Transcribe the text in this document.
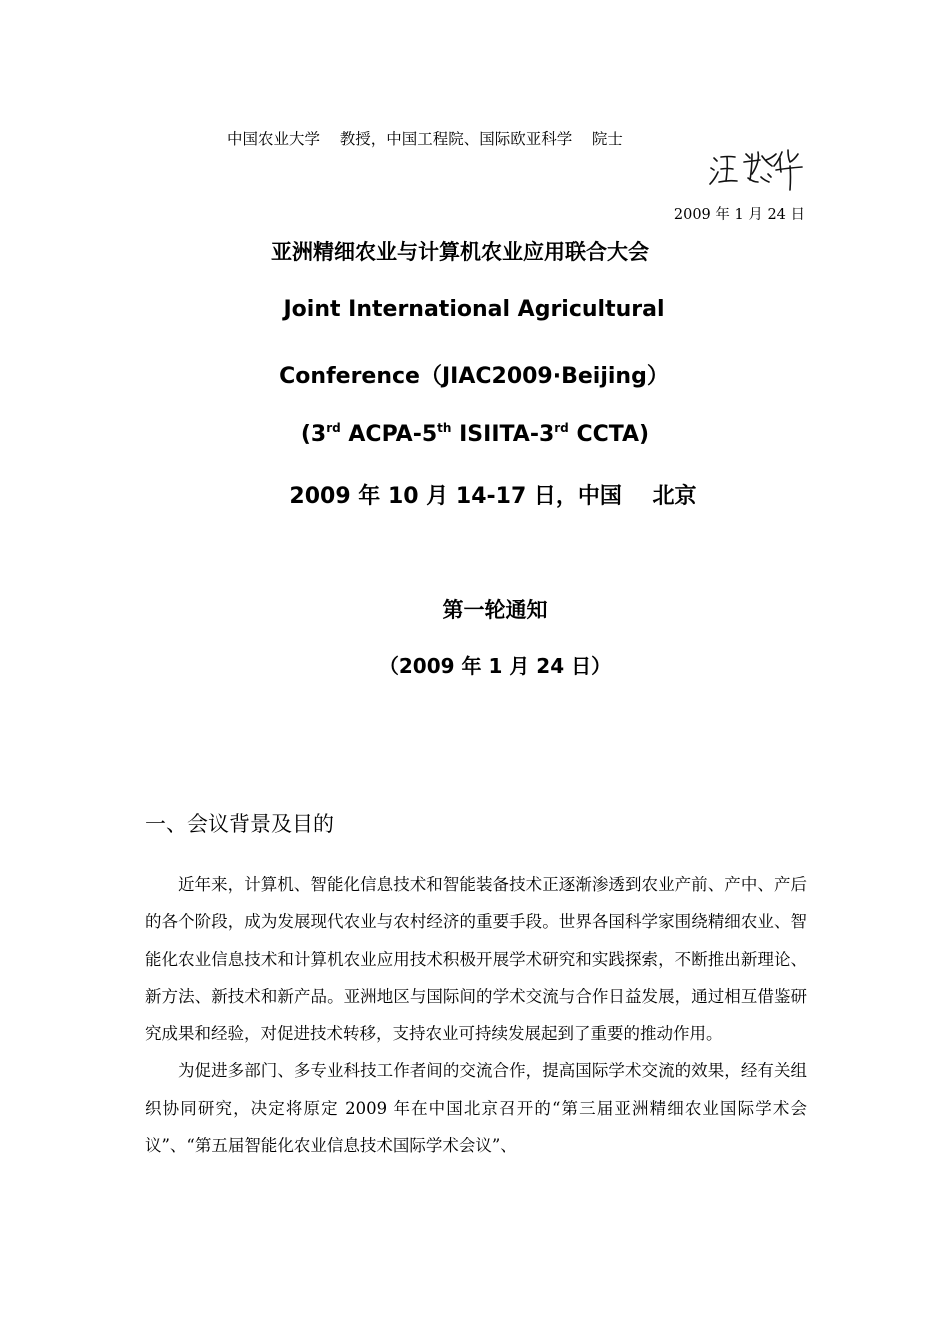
中国农业大学    教授，中国工程院、国际欧亚科学    院士
2009 年 1 月 24 日
亚洲精细农业与计算机农业应用联合大会
Joint International Agricultural
Conference（JIAC2009·Beijing）
(3rd ACPA-5th ISIITA-3rd CCTA)
2009 年 10 月 14-17 日，中国    北京
第一轮通知
（2009 年 1 月 24 日）
一、会议背景及目的

近年来，计算机、智能化信息技术和智能装备技术正逐渐渗透到农业产前、产中、产后的各个阶段，成为发展现代农业与农村经济的重要手段。世界各国科学家围绕精细农业、智能化农业信息技术和计算机农业应用技术积极开展学术研究和实践探索，不断推出新理论、新方法、新技术和新产品。亚洲地区与国际间的学术交流与合作日益发展，通过相互借鉴研究成果和经验，对促进技术转移，支持农业可持续发展起到了重要的推动作用。

为促进多部门、多专业科技工作者间的交流合作，提高国际学术交流的效果，经有关组织协同研究，决定将原定 2009 年在中国北京召开的“第三届亚洲精细农业国际学术会议”、“第五届智能化农业信息技术国际学术会议”、
